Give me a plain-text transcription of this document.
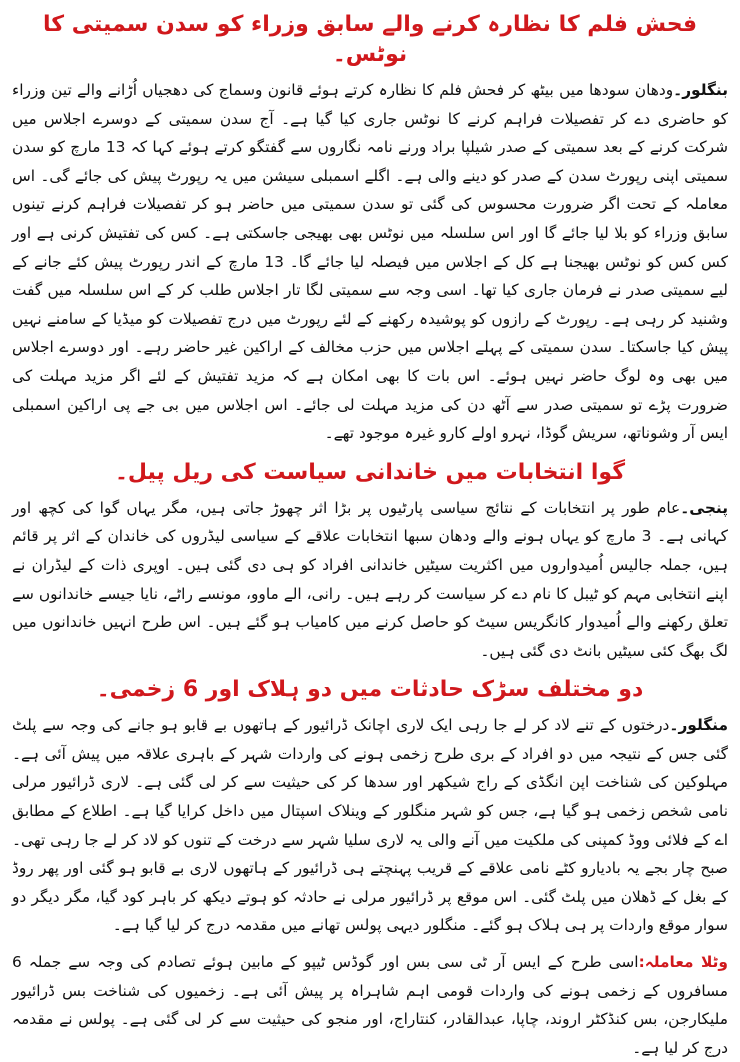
فحش فلم کا نظارہ کرنے والے سابق وزراء کو سدن سمیتی کا نوٹس۔

بنگلور۔ودھان سودھا میں بیٹھ کر فحش فلم کا نظارہ کرتے ہوئے قانون وسماج کی دھجیاں اُڑانے والے تین وزراء کو حاضری دے کر تفصیلات فراہم کرنے کا نوٹس جاری کیا گیا ہے۔ آج سدن سمیتی کے دوسرے اجلاس میں شرکت کرنے کے بعد سمیتی کے صدر شیلپا براد ورنے نامہ نگاروں سے گفتگو کرتے ہوئے کہا کہ 13 مارچ کو سدن سمیتی اپنی رپورٹ سدن کے صدر کو دینے والی ہے۔ اگلے اسمبلی سیشن میں یہ رپورٹ پیش کی جائے گی۔ اس معاملہ کے تحت اگر ضرورت محسوس کی گئی تو سدن سمیتی میں حاضر ہو کر تفصیلات فراہم کرنے تینوں سابق وزراء کو بلا لیا جائے گا اور اس سلسلہ میں نوٹس بھی بھیجی جاسکتی ہے۔ کس کی تفتیش کرنی ہے اور کس کس کو نوٹس بھیجنا ہے کل کے اجلاس میں فیصلہ لیا جائے گا۔ 13 مارچ کے اندر رپورٹ پیش کئے جانے کے لیے سمیتی صدر نے فرمان جاری کیا تھا۔ اسی وجہ سے سمیتی لگا تار اجلاس طلب کر کے اس سلسلہ میں گفت وشنید کر رہی ہے۔ رپورٹ کے رازوں کو پوشیدہ رکھنے کے لئے رپورٹ میں درج تفصیلات کو میڈیا کے سامنے نہیں پیش کیا جاسکتا۔ سدن سمیتی کے پہلے اجلاس میں حزب مخالف کے اراکین غیر حاضر رہے۔ اور دوسرے اجلاس میں بھی وہ لوگ حاضر نہیں ہوئے۔ اس بات کا بھی امکان ہے کہ مزید تفتیش کے لئے اگر مزید مہلت کی ضرورت پڑے تو سمیتی صدر سے آٹھ دن کی مزید مہلت لی جائے۔ اس اجلاس میں بی جے پی اراکین اسمبلی ایس آر وشوناتھ، سریش گوڈا، نہرو اولے کارو غیرہ موجود تھے۔

گوا انتخابات میں خاندانی سیاست کی ریل پیل۔

پنجی۔عام طور پر انتخابات کے نتائج سیاسی پارٹیوں پر بڑا اثر چھوڑ جاتی ہیں، مگر یہاں گوا کی کچھ اور کہانی ہے۔ 3 مارچ کو یہاں ہونے والے ودھان سبھا انتخابات علاقے کے سیاسی لیڈروں کی خاندان کے اثر پر قائم ہیں، جملہ جالیس اُمیدواروں میں اکثریت سیٹیں خاندانی افراد کو ہی دی گئی ہیں۔ اوپری ذات کے لیڈران نے اپنے انتخابی مہم کو ٹیبل کا نام دے کر سیاست کر رہے ہیں۔ رانی، الے ماوو، مونسے راٹے، نایا جیسے خاندانوں سے تعلق رکھنے والے اُمیدوار کانگریس سیٹ کو حاصل کرنے میں کامیاب ہو گئے ہیں۔ اس طرح انہیں خاندانوں میں لگ بھگ کئی سیٹیں بانٹ دی گئی ہیں۔

دو مختلف سڑک حادثات میں دو ہلاک اور 6 زخمی۔

منگلور۔درختوں کے تنے لاد کر لے جا رہی ایک لاری اچانک ڈرائیور کے ہاتھوں بے قابو ہو جانے کی وجہ سے پلٹ گئی جس کے نتیجہ میں دو افراد کے بری طرح زخمی ہونے کی واردات شہر کے باہری علاقہ میں پیش آئی ہے۔ مہلوکین کی شناخت اپن انگڈی کے راج شیکھر اور سدھا کر کی حیثیت سے کر لی گئی ہے۔ لاری ڈرائیور مرلی نامی شخص زخمی ہو گیا ہے، جس کو شہر منگلور کے وینلاک اسپتال میں داخل کرایا گیا ہے۔ اطلاع کے مطابق اے کے فلائی ووڈ کمپنی کی ملکیت میں آنے والی یہ لاری سلیا شہر سے درخت کے تنوں کو لاد کر لے جا رہی تھی۔ صبح چار بجے یہ بادیارو کٹے نامی علاقے کے قریب پہنچتے ہی ڈرائیور کے ہاتھوں لاری بے قابو ہو گئی اور پھر روڈ کے بغل کے ڈھلان میں پلٹ گئی۔ اس موقع پر ڈرائیور مرلی نے حادثہ کو ہوتے دیکھ کر باہر کود گیا، مگر دیگر دو سوار موقع واردات پر ہی ہلاک ہو گئے۔ منگلور دیہی پولس تھانے میں مقدمہ درج کر لیا گیا ہے۔

وٹلا معاملہ:اسی طرح کے ایس آر ٹی سی بس اور گوڈس ٹیپو کے مابین ہوئے تصادم کی وجہ سے جملہ 6 مسافروں کے زخمی ہونے کی واردات قومی اہم شاہراہ پر پیش آئی ہے۔ زخمیوں کی شناخت بس ڈرائیور ملیکارجن، بس کنڈکٹر اروند، چاپا، عبدالقادر، کنتاراج، اور منجو کی حیثیت سے کر لی گئی ہے۔ پولس نے مقدمہ درج کر لیا ہے۔
